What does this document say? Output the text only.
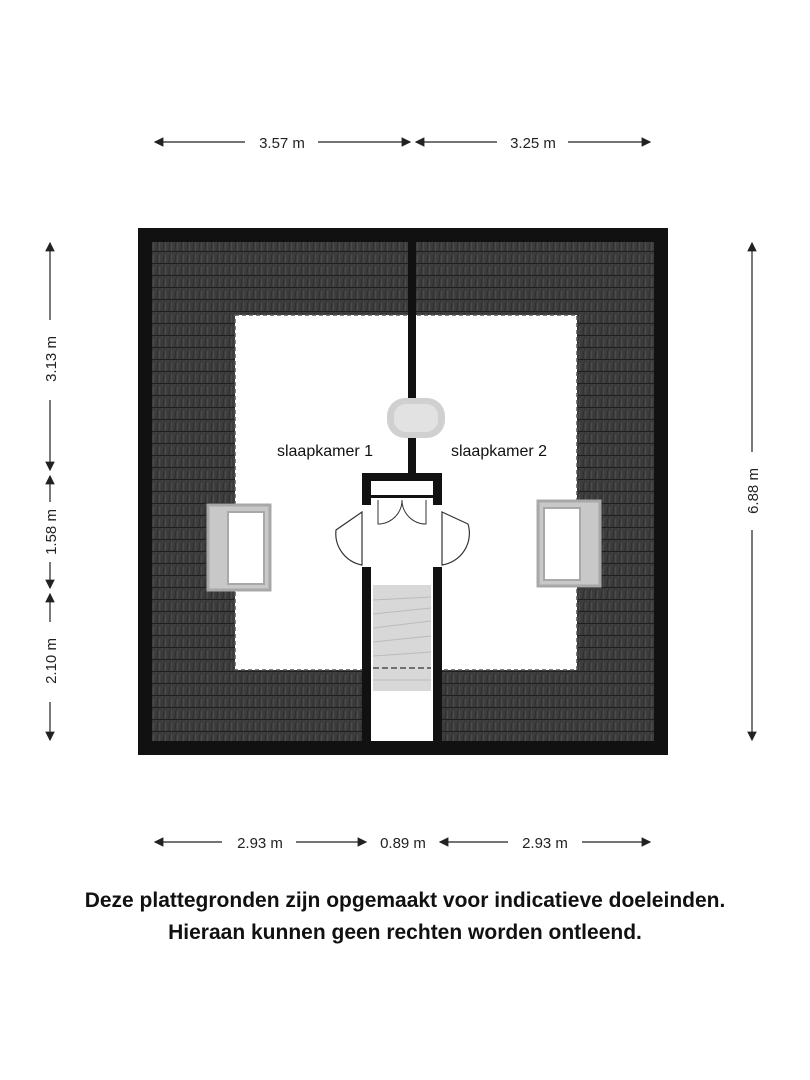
3.57 m	3.25 m
3.13 m
1.58 m
2.10 m
6.88 m
2.93 m	0.89 m	2.93 m
slaapkamer 1	slaapkamer 2
Deze plattegronden zijn opgemaakt voor indicatieve doeleinden.
Hieraan kunnen geen rechten worden ontleend.
